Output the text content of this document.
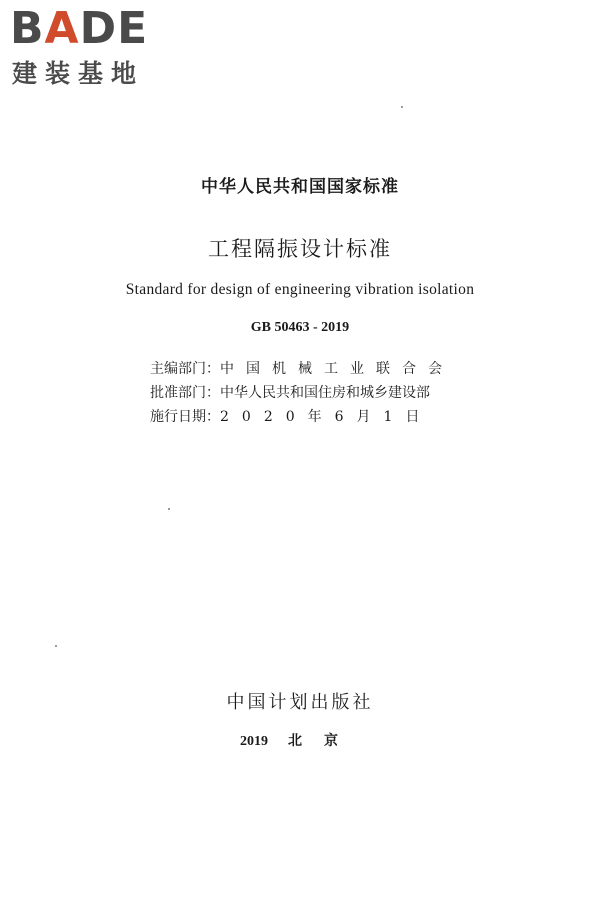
BADE
建装基地
中华人民共和国国家标准
工程隔振设计标准
Standard for design of engineering vibration isolation
GB 50463 - 2019
主编部门：中国机械工业联合会
批准部门：中华人民共和国住房和城乡建设部
施行日期：2020年6月1日
中国计划出版社
2019 北京
